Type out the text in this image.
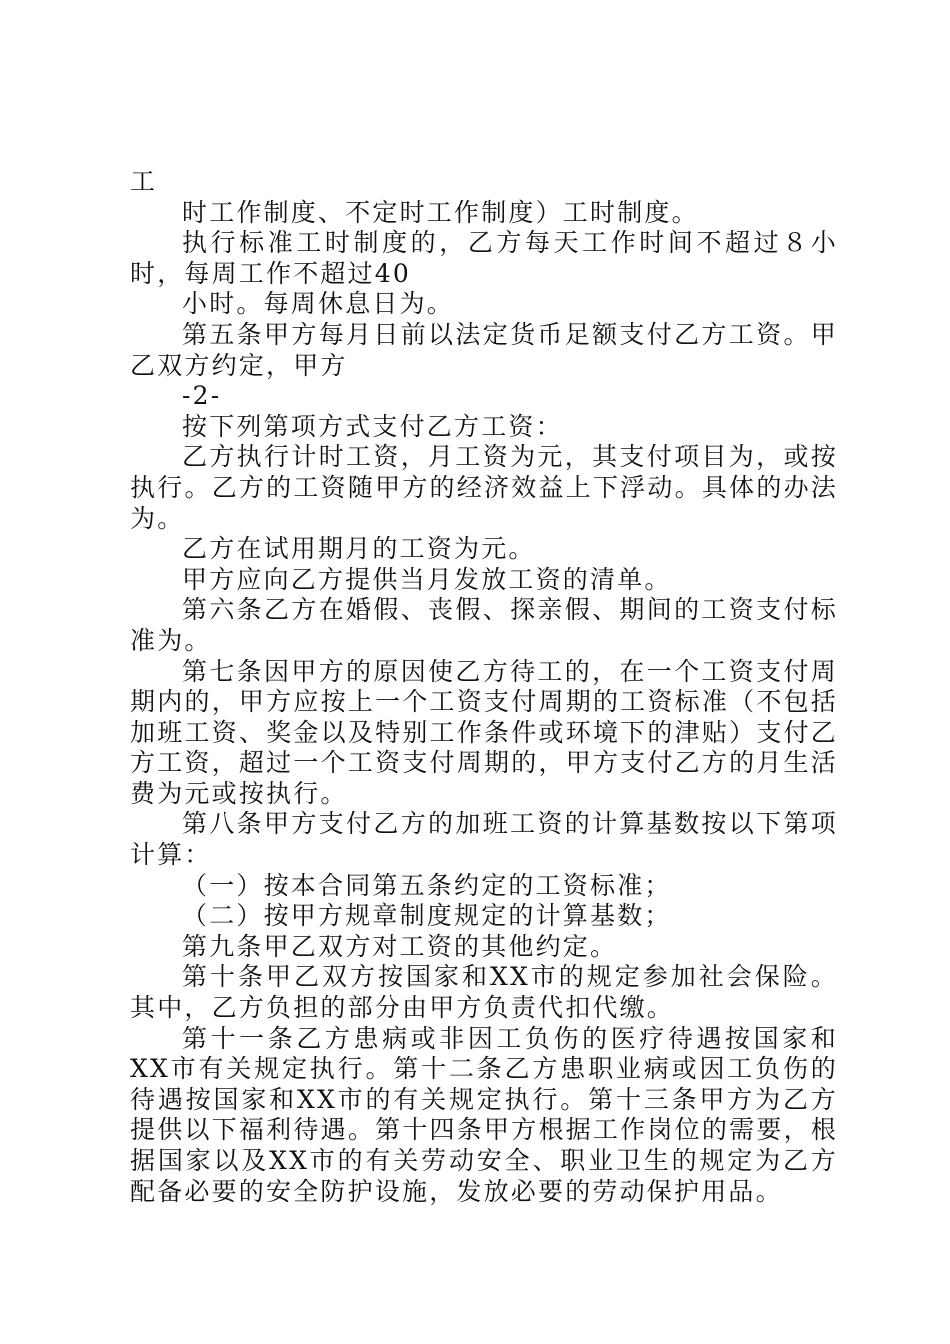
工

时工作制度、不定时工作制度）工时制度。

执行标准工时制度的，乙方每天工作时间不超过８小时，每周工作不超过40

小时。每周休息日为。

第五条甲方每月日前以法定货币足额支付乙方工资。甲乙双方约定，甲方

-2-

按下列第项方式支付乙方工资：

乙方执行计时工资，月工资为元，其支付项目为，或按执行。乙方的工资随甲方的经济效益上下浮动。具体的办法为。

乙方在试用期月的工资为元。

甲方应向乙方提供当月发放工资的清单。

第六条乙方在婚假、丧假、探亲假、期间的工资支付标准为。

第七条因甲方的原因使乙方待工的，在一个工资支付周期内的，甲方应按上一个工资支付周期的工资标准（不包括加班工资、奖金以及特别工作条件或环境下的津贴）支付乙方工资，超过一个工资支付周期的，甲方支付乙方的月生活费为元或按执行。

第八条甲方支付乙方的加班工资的计算基数按以下第项计算：

（一）按本合同第五条约定的工资标准；

（二）按甲方规章制度规定的计算基数；

第九条甲乙双方对工资的其他约定。

第十条甲乙双方按国家和XX市的规定参加社会保险。其中，乙方负担的部分由甲方负责代扣代缴。

第十一条乙方患病或非因工负伤的医疗待遇按国家和XX市有关规定执行。第十二条乙方患职业病或因工负伤的待遇按国家和XX市的有关规定执行。第十三条甲方为乙方提供以下福利待遇。第十四条甲方根据工作岗位的需要，根据国家以及XX市的有关劳动安全、职业卫生的规定为乙方配备必要的安全防护设施，发放必要的劳动保护用品。
